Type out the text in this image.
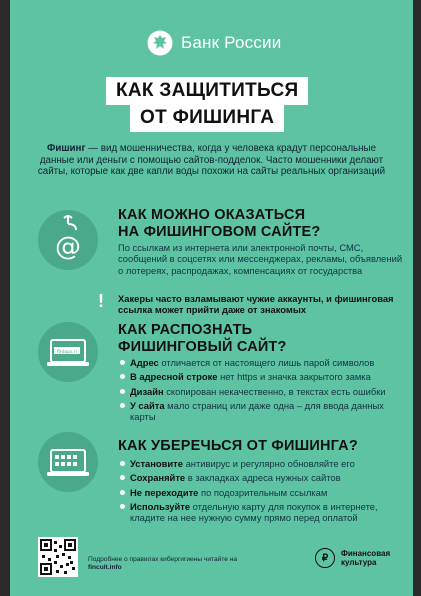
Банк России
КАК ЗАЩИТИТЬСЯ
ОТ ФИШИНГА
Фишинг — вид мошенничества, когда у человека крадут персональные данные или деньги с помощью сайтов-подделок. Часто мошенники делают сайты, которые как две капли воды похожи на сайты реальных организаций
@
КАК МОЖНО ОКАЗАТЬСЯ
НА ФИШИНГОВОМ САЙТЕ?
По ссылкам из интернета или электронной почты, СМС, сообщений в соцсетях или мессенджерах, рекламы, объявлений о лотереях, распродажах, компенсациях от государства
! Хакеры часто взламывают чужие аккаунты, и фишинговая ссылка может прийти даже от знакомых
fintops.ri
КАК РАСПОЗНАТЬ
ФИШИНГОВЫЙ САЙТ?
Адрес отличается от настоящего лишь парой символов
В адресной строке нет https и значка закрытого замка
Дизайн скопирован некачественно, в текстах есть ошибки
У сайта мало страниц или даже одна – для ввода данных карты
КАК УБЕРЕЧЬСЯ ОТ ФИШИНГА?
Установите антивирус и регулярно обновляйте его
Сохраняйте в закладках адреса нужных сайтов
Не переходите по подозрительным ссылкам
Используйте отдельную карту для покупок в интернете, кладите на нее нужную сумму прямо перед оплатой
Подробнее о правилах кибергигиены читайте на fincult.info
₽	Финансовая
культура
